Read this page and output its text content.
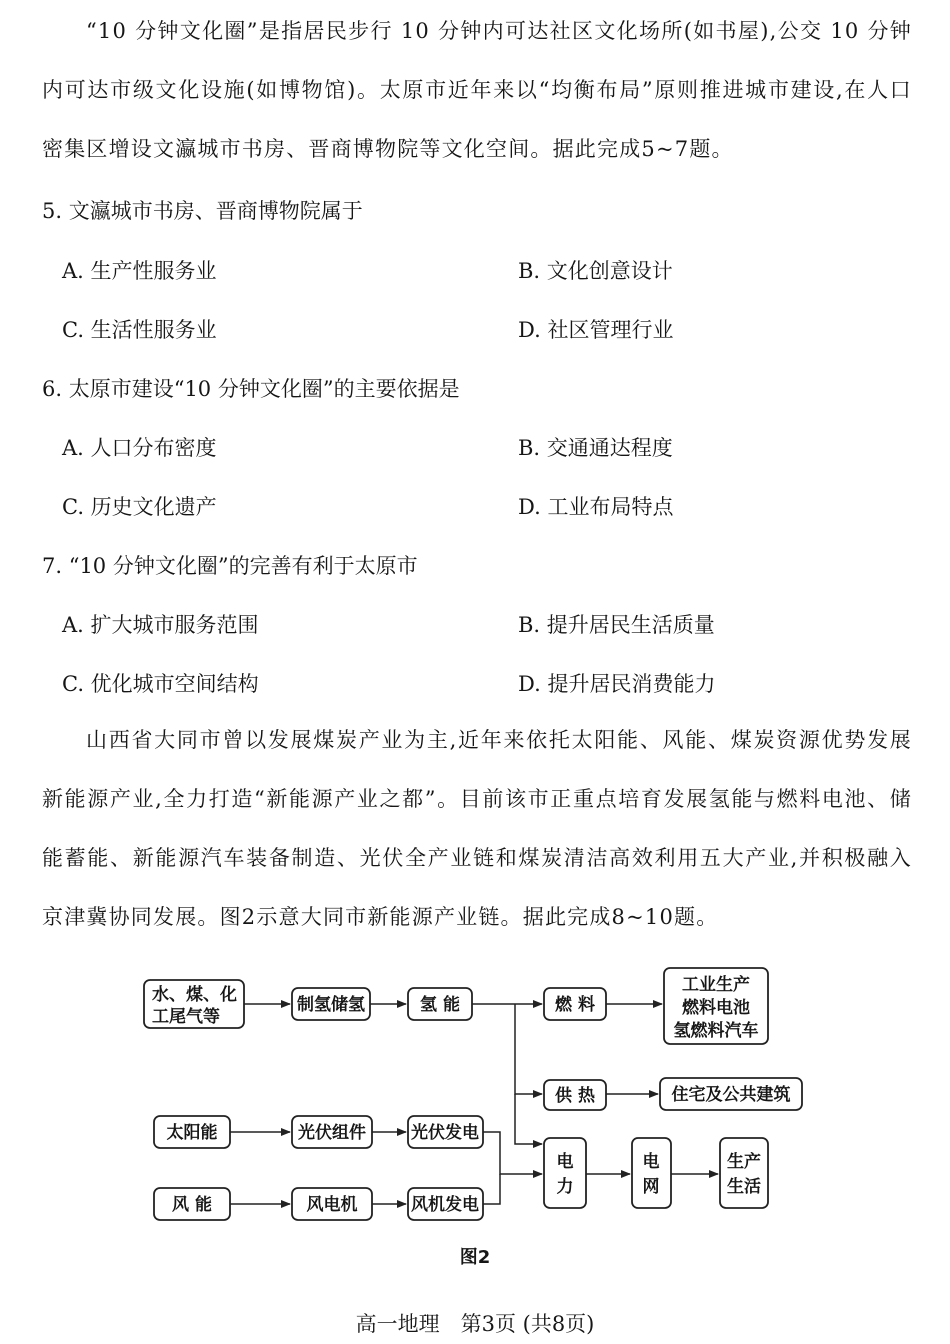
“10 分钟文化圈”是指居民步行 10 分钟内可达社区文化场所(如书屋),公交 10 分钟内可达市级文化设施(如博物馆)。太原市近年来以“均衡布局”原则推进城市建设,在人口密集区增设文瀛城市书房、晋商博物院等文化空间。据此完成5~7题。

5. 文瀛城市书房、晋商博物院属于
A. 生产性服务业	B. 文化创意设计
C. 生活性服务业	D. 社区管理行业
6. 太原市建设“10 分钟文化圈”的主要依据是
A. 人口分布密度	B. 交通通达程度
C. 历史文化遗产	D. 工业布局特点
7. “10 分钟文化圈”的完善有利于太原市
A. 扩大城市服务范围	B. 提升居民生活质量
C. 优化城市空间结构	D. 提升居民消费能力

山西省大同市曾以发展煤炭产业为主,近年来依托太阳能、风能、煤炭资源优势发展新能源产业,全力打造“新能源产业之都”。目前该市正重点培育发展氢能与燃料电池、储能蓄能、新能源汽车装备制造、光伏全产业链和煤炭清洁高效利用五大产业,并积极融入京津冀协同发展。图2示意大同市新能源产业链。据此完成8~10题。

水、煤、化
工尾气等
制氢储氢	氢 能	燃 料
工业生产
燃料电池
氢燃料汽车
供 热	住宅及公共建筑
太阳能	光伏组件	光伏发电
风 能	风电机	风机发电
电
力
电
网
生产
生活
图2
高一地理　第3页 (共8页)
